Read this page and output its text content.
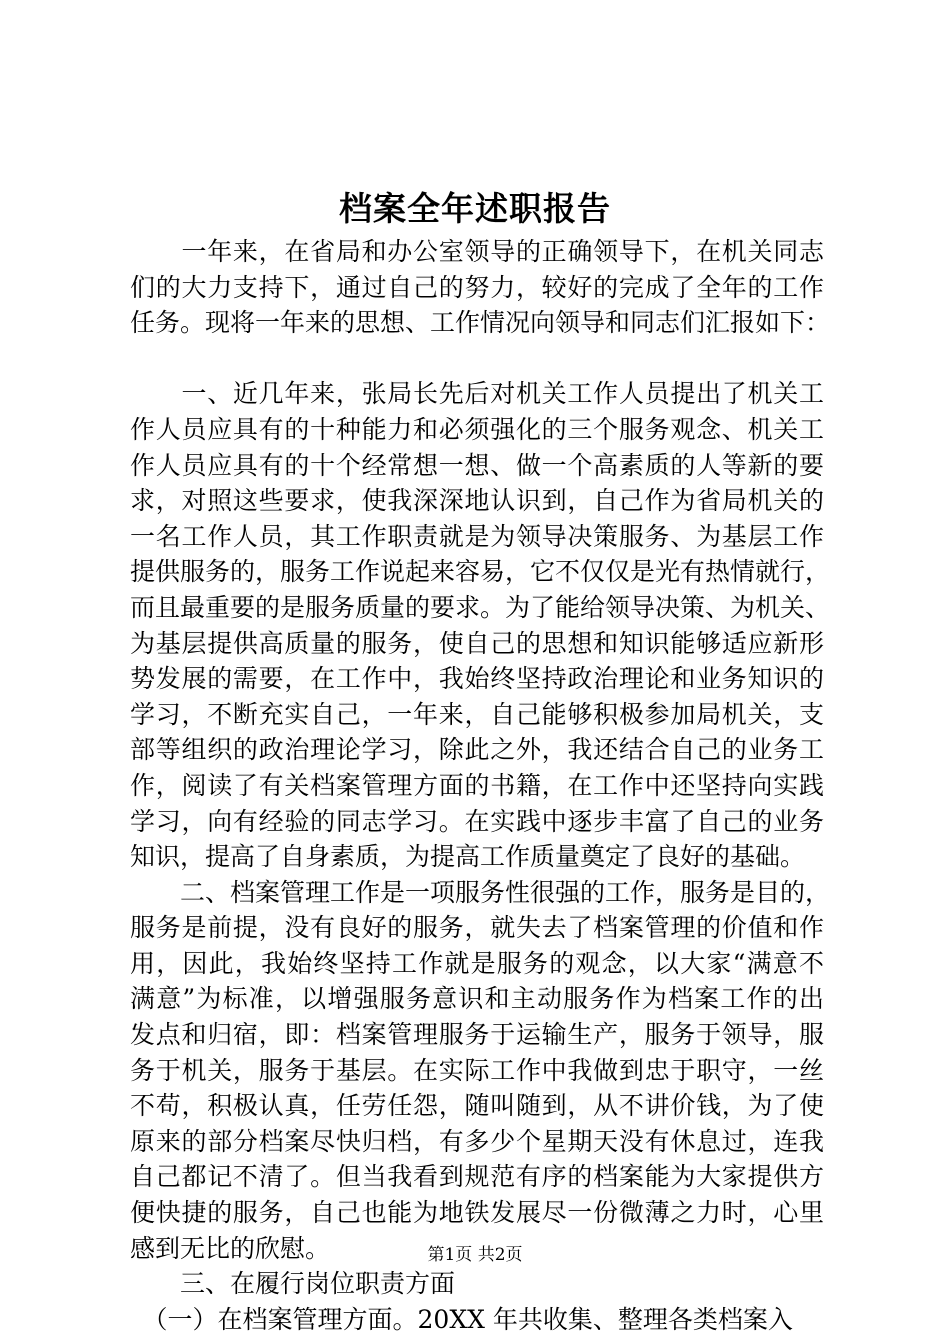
档案全年述职报告
　　一年来，在省局和办公室领导的正确领导下，在机关同志
们的大力支持下，通过自己的努力，较好的完成了全年的工作
任务。现将一年来的思想、工作情况向领导和同志们汇报如下：
　　一、近几年来，张局长先后对机关工作人员提出了机关工
作人员应具有的十种能力和必须强化的三个服务观念、机关工
作人员应具有的十个经常想一想、做一个高素质的人等新的要
求，对照这些要求，使我深深地认识到，自己作为省局机关的
一名工作人员，其工作职责就是为领导决策服务、为基层工作
提供服务的，服务工作说起来容易，它不仅仅是光有热情就行，
而且最重要的是服务质量的要求。为了能给领导决策、为机关、
为基层提供高质量的服务，使自己的思想和知识能够适应新形
势发展的需要，在工作中，我始终坚持政治理论和业务知识的
学习，不断充实自己，一年来，自己能够积极参加局机关，支
部等组织的政治理论学习，除此之外，我还结合自己的业务工
作，阅读了有关档案管理方面的书籍，在工作中还坚持向实践
学习，向有经验的同志学习。在实践中逐步丰富了自己的业务
知识，提高了自身素质，为提高工作质量奠定了良好的基础。
　　二、档案管理工作是一项服务性很强的工作，服务是目的，
服务是前提，没有良好的服务，就失去了档案管理的价值和作
用，因此，我始终坚持工作就是服务的观念，以大家“满意不
满意”为标准，以增强服务意识和主动服务作为档案工作的出
发点和归宿，即：档案管理服务于运输生产，服务于领导，服
务于机关，服务于基层。在实际工作中我做到忠于职守，一丝
不苟，积极认真，任劳任怨，随叫随到，从不讲价钱，为了使
原来的部分档案尽快归档，有多少个星期天没有休息过，连我
自己都记不清了。但当我看到规范有序的档案能为大家提供方
便快捷的服务，自己也能为地铁发展尽一份微薄之力时，心里
感到无比的欣慰。
　　三、在履行岗位职责方面
　（一）在档案管理方面。20XX 年共收集、整理各类档案入
第1页 共2页
